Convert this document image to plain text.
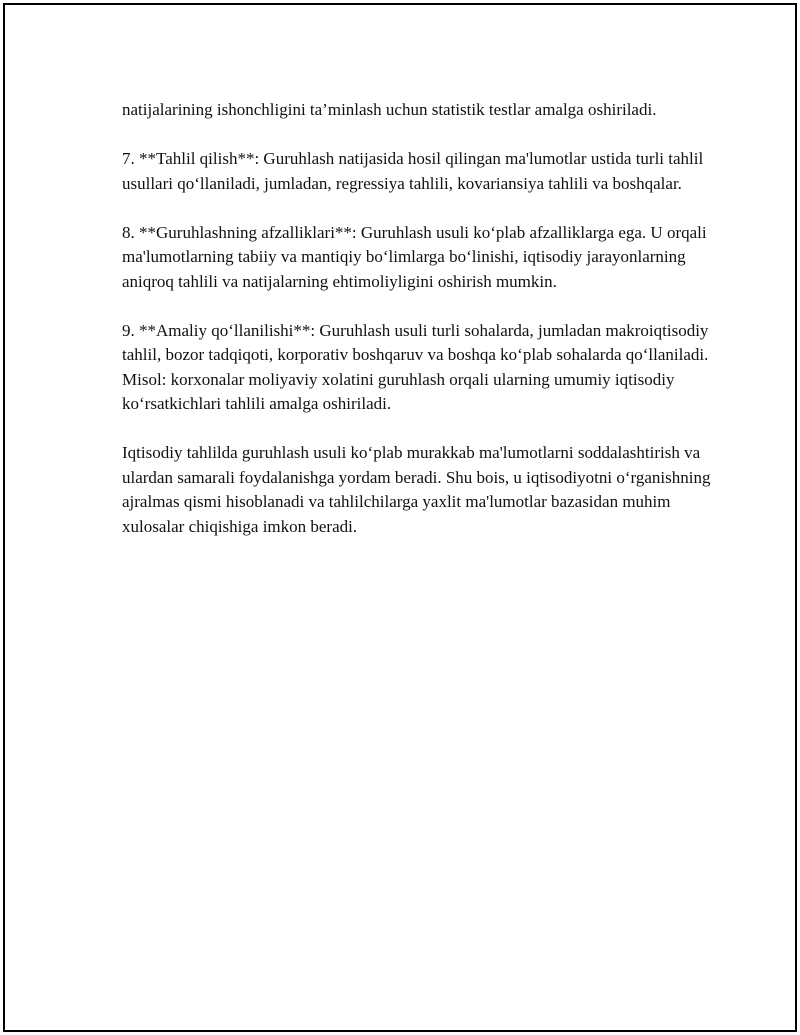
natijalarining ishonchligini ta’minlash uchun statistik testlar amalga oshiriladi.

7. **Tahlil qilish**: Guruhlash natijasida hosil qilingan ma'lumotlar ustida turli tahlil usullari qo‘llaniladi, jumladan, regressiya tahlili, kovariansiya tahlili va boshqalar.

8. **Guruhlashning afzalliklari**: Guruhlash usuli ko‘plab afzalliklarga ega. U orqali ma'lumotlarning tabiiy va mantiqiy bo‘limlarga bo‘linishi, iqtisodiy jarayonlarning aniqroq tahlili va natijalarning ehtimoliyligini oshirish mumkin.

9. **Amaliy qo‘llanilishi**: Guruhlash usuli turli sohalarda, jumladan makroiqtisodiy tahlil, bozor tadqiqoti, korporativ boshqaruv va boshqa ko‘plab sohalarda qo‘llaniladi. Misol: korxonalar moliyaviy xolatini guruhlash orqali ularning umumiy iqtisodiy ko‘rsatkichlari tahlili amalga oshiriladi.

Iqtisodiy tahlilda guruhlash usuli ko‘plab murakkab ma'lumotlarni soddalashtirish va ulardan samarali foydalanishga yordam beradi. Shu bois, u iqtisodiyotni o‘rganishning ajralmas qismi hisoblanadi va tahlilchilarga yaxlit ma'lumotlar bazasidan muhim xulosalar chiqishiga imkon beradi.
